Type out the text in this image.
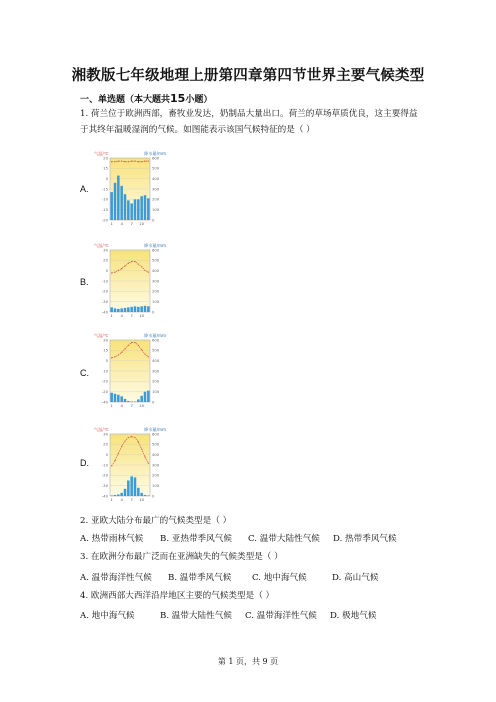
湘教版七年级地理上册第四章第四节世界主要气候类型
一、单选题（本大题共15小题）
1. 荷兰位于欧洲西部，畜牧业发达，奶制品大量出口。荷兰的草场草质优良，这主要得益
于其终年温暖湿润的气候。如图能表示该国气候特征的是（ ）
A.
气温/℃	降水量/mm
20	600
15	500
0	400
-15	300
-10	200
-15	100
-20	0
1 4 7 10
B.
气温/℃	降水量/mm
30	600
20	500
0	400
-10	300
-20	200
-30	100
-40	0
1 4 7 10
C.
气温/℃	降水量/mm
30	600
15	500
5	400
10	300
-20	200
-20	100
-40	0
1 4 7 10
D.
气温/℃	降水量/mm
30	600
20	500
0	400
-10	300
-20	200
-30	100
-40	0
1 4 7 10
2. 亚欧大陆分布最广的气候类型是（ ）
A. 热带雨林气候 B. 亚热带季风气候 C. 温带大陆性气候 D. 热带季风气候
3. 在欧洲分布最广泛而在亚洲缺失的气候类型是（ ）
A. 温带海洋性气候 B. 温带季风气候 C. 地中海气候	D. 高山气候
4. 欧洲西部大西洋沿岸地区主要的气候类型是（ ）
A. 地中海气候	B. 温带大陆性气候 C. 温带海洋性气候 D. 极地气候
第 1 页，共 9 页
